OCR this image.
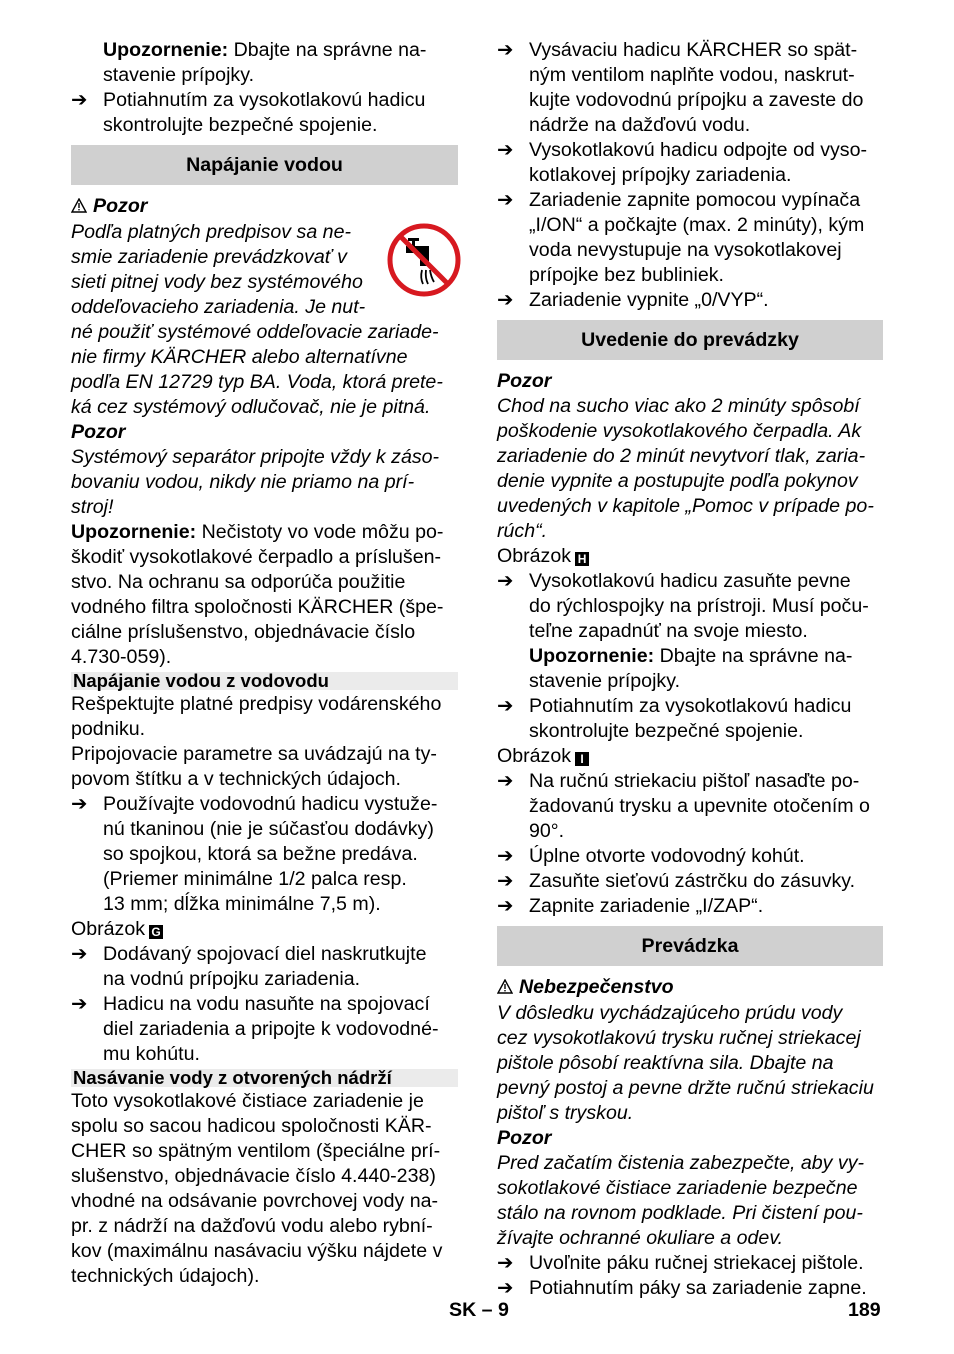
Upozornenie: Dbajte na správne na-

stavenie prípojky.

➔ Potiahnutím za vysokotlakovú hadicu
skontrolujte bezpečné spojenie.
Napájanie vodou

Pozor

Podľa platných predpisov sa ne-
smie zariadenie prevádzkovať v
sieti pitnej vody bez systémového
oddeľovacieho zariadenia. Je nut-
né použiť systémové oddeľovacie zariade-
nie firmy KÄRCHER alebo alternatívne
podľa EN 12729 typ BA. Voda, ktorá prete-
ká cez systémový odlučovač, nie je pitná.

Pozor

Systémový separátor pripojte vždy k záso-
bovaniu vodou, nikdy nie priamo na prí-
stroj!

Upozornenie: Nečistoty vo vode môžu po-

škodiť vysokotlakové čerpadlo a príslušen-
stvo. Na ochranu sa odporúča použitie
vodného filtra spoločnosti KÄRCHER (špe-
ciálne príslušenstvo, objednávacie číslo
4.730-059).
Napájanie vodou z vodovodu
Rešpektujte platné predpisy vodárenského
podniku.
Pripojovacie parametre sa uvádzajú na ty-
povom štítku a v technických údajoch.
➔ Používajte vodovodnú hadicu vystuže-
nú tkaninou (nie je súčasťou dodávky)
so spojkou, ktorá sa bežne predáva.
(Priemer minimálne 1/2 palca resp.
13 mm; dĺžka minimálne 7,5 m).

Obrázok G

➔ Dodávaný spojovací diel naskrutkujte
na vodnú prípojku zariadenia.
➔ Hadicu na vodu nasuňte na spojovací
diel zariadenia a pripojte k vodovodné-
mu kohútu.
Nasávanie vody z otvorených nádrží
Toto vysokotlakové čistiace zariadenie je
spolu so sacou hadicou spoločnosti KÄR-
CHER so spätným ventilom (špeciálne prí-
slušenstvo, objednávacie číslo 4.440-238)
vhodné na odsávanie povrchovej vody na-
pr. z nádrží na dažďovú vodu alebo rybní-
kov (maximálnu nasávaciu výšku nájdete v
technických údajoch).
➔ Vysávaciu hadicu KÄRCHER so spät-
ným ventilom naplňte vodou, naskrut-
kujte vodovodnú prípojku a zaveste do
nádrže na dažďovú vodu.
➔ Vysokotlakovú hadicu odpojte od vyso-
kotlakovej prípojky zariadenia.
➔ Zariadenie zapnite pomocou vypínača
„I/ON“ a počkajte (max. 2 minúty), kým
voda nevystupuje na vysokotlakovej
prípojke bez bubliniek.
➔ Zariadenie vypnite „0/VYP“.
Uvedenie do prevádzky

Pozor

Chod na sucho viac ako 2 minúty spôsobí
poškodenie vysokotlakového čerpadla. Ak
zariadenie do 2 minút nevytvorí tlak, zaria-
denie vypnite a postupujte podľa pokynov
uvedených v kapitole „Pomoc v prípade po-
rúch“.

Obrázok H

➔ Vysokotlakovú hadicu zasuňte pevne
do rýchlospojky na prístroji. Musí poču-
teľne zapadnúť na svoje miesto.
Upozornenie: Dbajte na správne na-
stavenie prípojky.
➔ Potiahnutím za vysokotlakovú hadicu
skontrolujte bezpečné spojenie.

Obrázok I

➔ Na ručnú striekaciu pištoľ nasaďte po-
žadovanú trysku a upevnite otočením o
90°.
➔ Úplne otvorte vodovodný kohút.
➔ Zasuňte sieťovú zástrčku do zásuvky.
➔ Zapnite zariadenie „I/ZAP“.
Prevádzka

Nebezpečenstvo

V dôsledku vychádzajúceho prúdu vody
cez vysokotlakovú trysku ručnej striekacej
pištole pôsobí reaktívna sila. Dbajte na
pevný postoj a pevne držte ručnú striekaciu
pištoľ s tryskou.

Pozor

Pred začatím čistenia zabezpečte, aby vy-
sokotlakové čistiace zariadenie bezpečne
stálo na rovnom podklade. Pri čistení pou-
žívajte ochranné okuliare a odev.
➔ Uvoľnite páku ručnej striekacej pištole.
➔ Potiahnutím páky sa zariadenie zapne.
SK – 9	189
